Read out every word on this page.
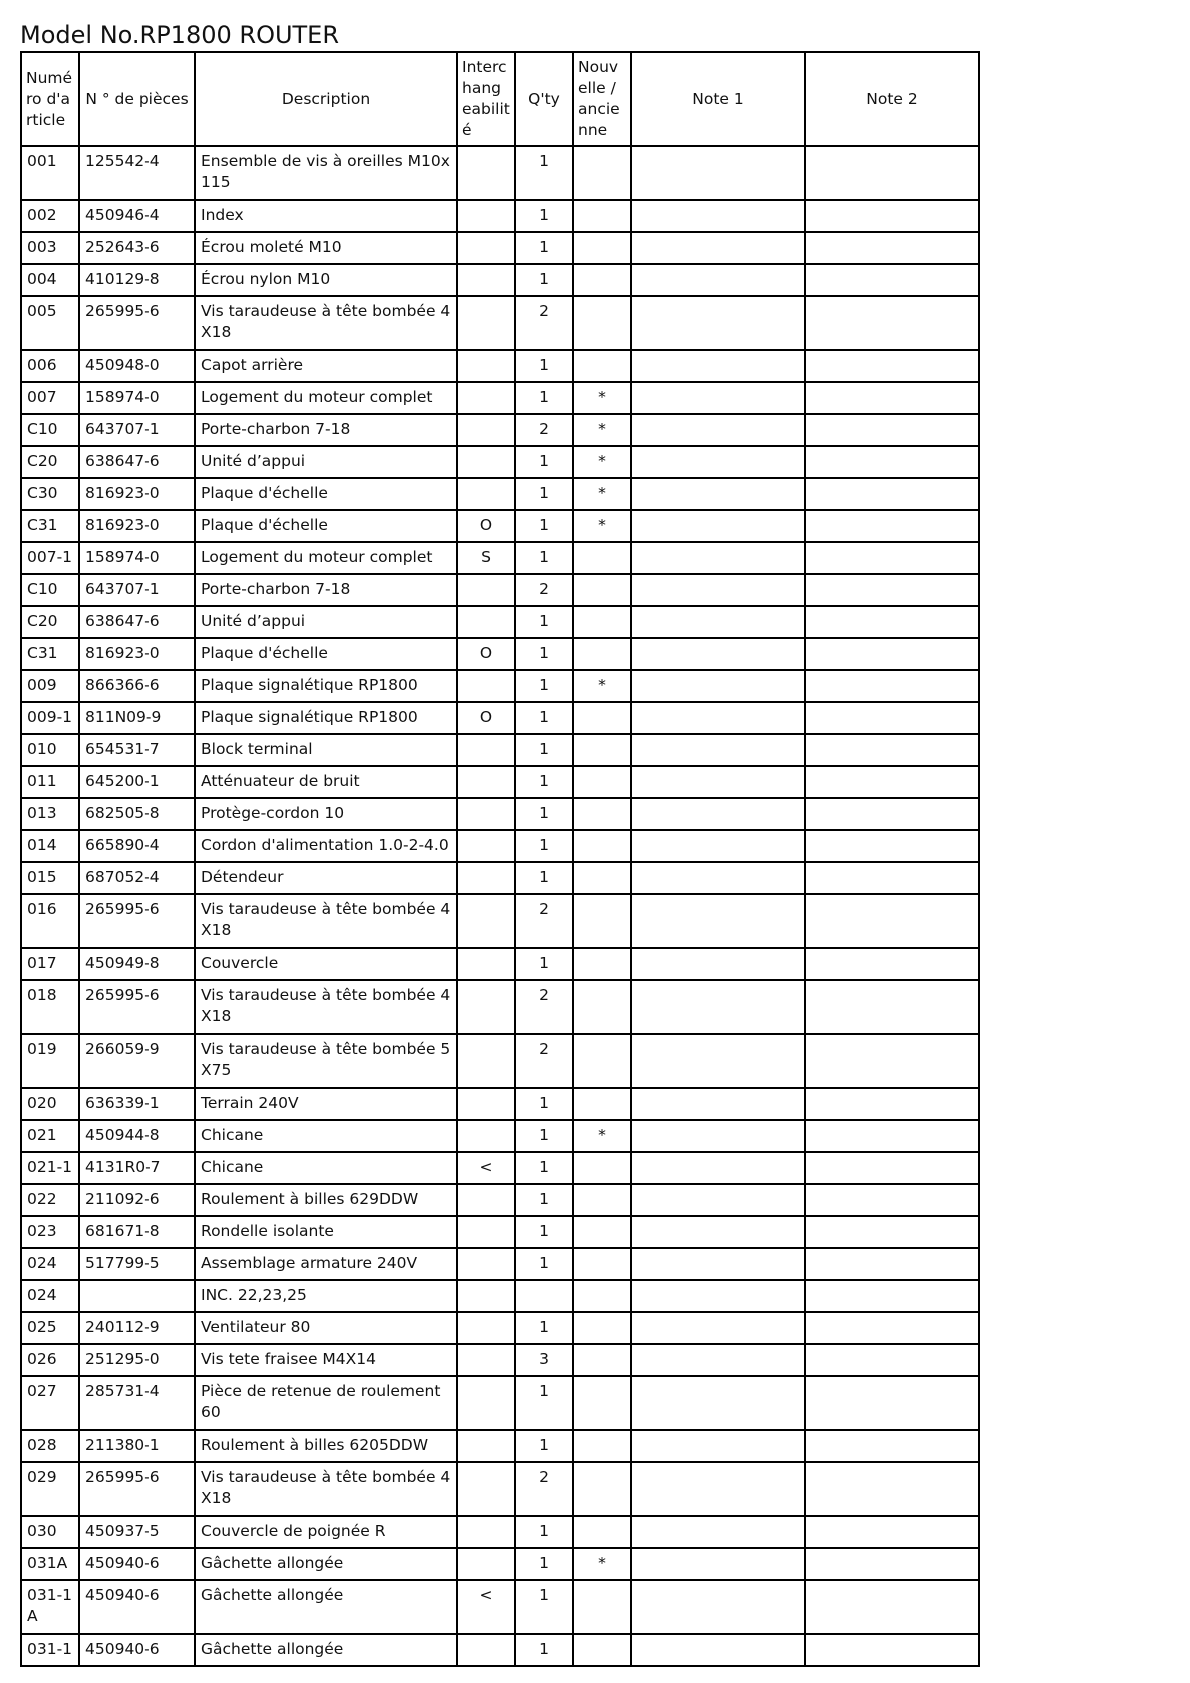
Model No.RP1800 ROUTER
Numéro d'article	N ° de pièces	Description	Interchangeabilité	Q'ty	Nouvelle / ancienne	Note 1	Note 2
001	125542-4	Ensemble de vis à oreilles M10x115		1			
002	450946-4	Index		1			
003	252643-6	Écrou moleté M10		1			
004	410129-8	Écrou nylon M10		1			
005	265995-6	Vis taraudeuse à tête bombée 4X18		2			
006	450948-0	Capot arrière		1			
007	158974-0	Logement du moteur complet		1	*		
C10	643707-1	Porte-charbon 7-18		2	*		
C20	638647-6	Unité d’appui		1	*		
C30	816923-0	Plaque d'échelle		1	*		
C31	816923-0	Plaque d'échelle	O	1	*		
007-1	158974-0	Logement du moteur complet	S	1			
C10	643707-1	Porte-charbon 7-18		2			
C20	638647-6	Unité d’appui		1			
C31	816923-0	Plaque d'échelle	O	1			
009	866366-6	Plaque signalétique RP1800		1	*		
009-1	811N09-9	Plaque signalétique RP1800	O	1			
010	654531-7	Block terminal		1			
011	645200-1	Atténuateur de bruit		1			
013	682505-8	Protège-cordon 10		1			
014	665890-4	Cordon d'alimentation 1.0-2-4.0		1			
015	687052-4	Détendeur		1			
016	265995-6	Vis taraudeuse à tête bombée 4X18		2			
017	450949-8	Couvercle		1			
018	265995-6	Vis taraudeuse à tête bombée 4X18		2			
019	266059-9	Vis taraudeuse à tête bombée 5X75		2			
020	636339-1	Terrain 240V		1			
021	450944-8	Chicane		1	*		
021-1	4131R0-7	Chicane	<	1			
022	211092-6	Roulement à billes 629DDW		1			
023	681671-8	Rondelle isolante		1			
024	517799-5	Assemblage armature 240V		1			
024		INC. 22,23,25					
025	240112-9	Ventilateur 80		1			
026	251295-0	Vis tete fraisee M4X14		3			
027	285731-4	Pièce de retenue de roulement 60		1			
028	211380-1	Roulement à billes 6205DDW		1			
029	265995-6	Vis taraudeuse à tête bombée 4X18		2			
030	450937-5	Couvercle de poignée R		1			
031A	450940-6	Gâchette allongée		1	*		
031-1A	450940-6	Gâchette allongée	<	1			
031-1	450940-6	Gâchette allongée		1			
